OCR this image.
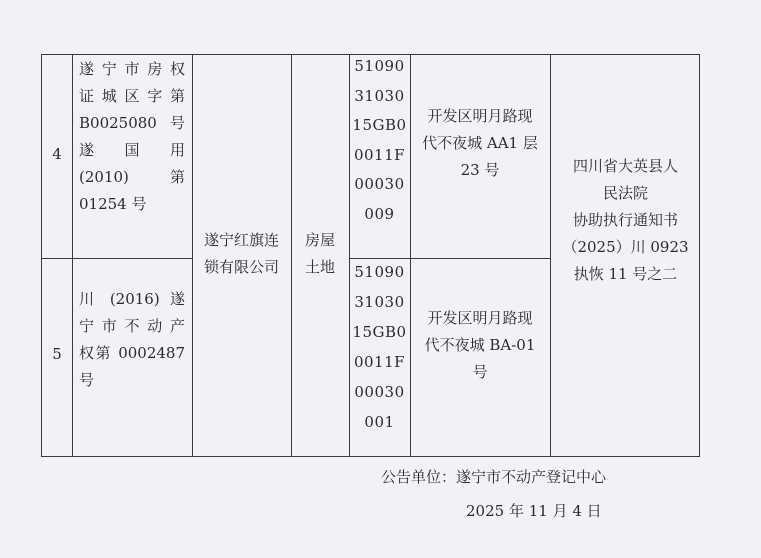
4
遂宁市房权
证城区字第
B0025080 号
遂 国 用
(2010) 第
01254 号
51090
31030
15GB0
0011F
00030
009
开发区明月路现
代不夜城 AA1 层
23 号
5
川 (2016) 遂
宁市不动产
权第 0002487
号
51090
31030
15GB0
0011F
00030
001
开发区明月路现
代不夜城 BA-01
号
遂宁红旗连
锁有限公司
房屋
土地
四川省大英县人
民法院
协助执行通知书
（2025）川 0923
执恢 11 号之二
公告单位：遂宁市不动产登记中心
2025 年 11 月 4 日
